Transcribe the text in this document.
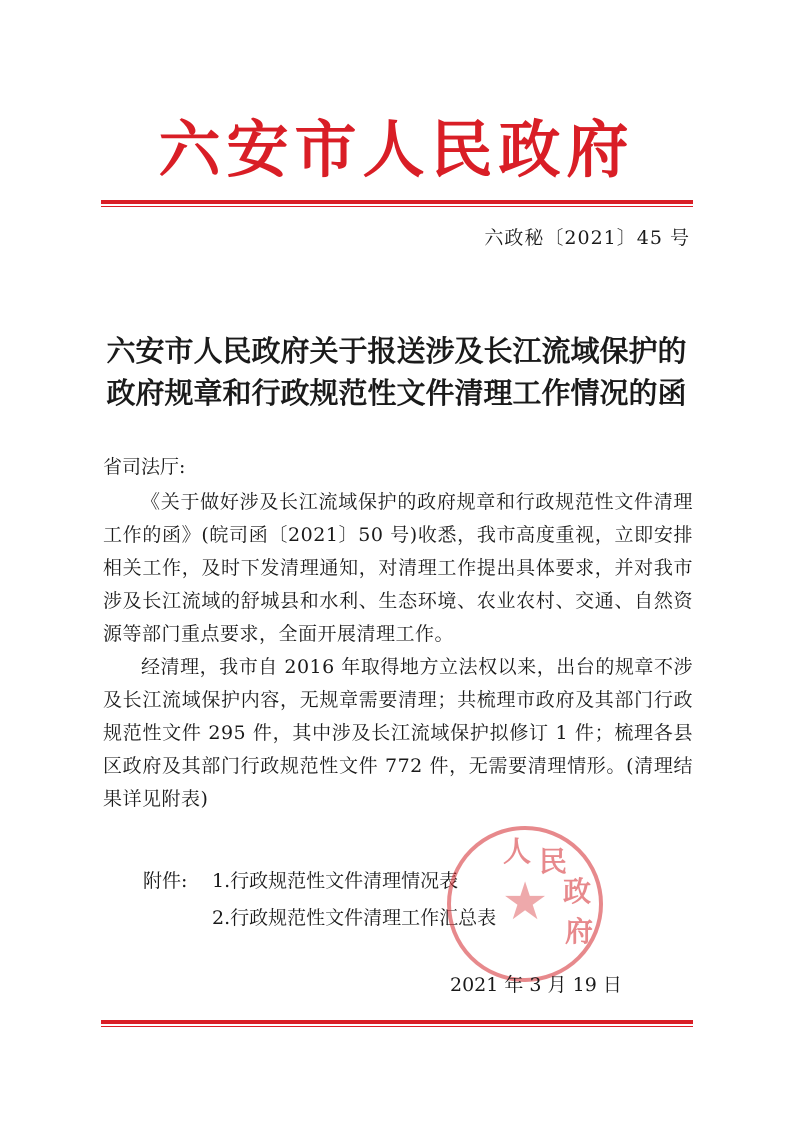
六安市人民政府
六政秘〔2021〕45 号
六安市人民政府关于报送涉及长江流域保护的
政府规章和行政规范性文件清理工作情况的函
省司法厅:

《关于做好涉及长江流域保护的政府规章和行政规范性文件清理工作的函》(皖司函〔2021〕50 号)收悉，我市高度重视，立即安排相关工作，及时下发清理通知，对清理工作提出具体要求，并对我市涉及长江流域的舒城县和水利、生态环境、农业农村、交通、自然资源等部门重点要求，全面开展清理工作。

经清理，我市自 2016 年取得地方立法权以来，出台的规章不涉及长江流域保护内容，无规章需要清理；共梳理市政府及其部门行政规范性文件 295 件，其中涉及长江流域保护拟修订 1 件；梳理各县区政府及其部门行政规范性文件 772 件，无需要清理情形。(清理结果详见附表)

附件: 1.行政规范性文件清理情况表
2.行政规范性文件清理工作汇总表 ★
人 民
政
府
2021 年 3 月 19 日
